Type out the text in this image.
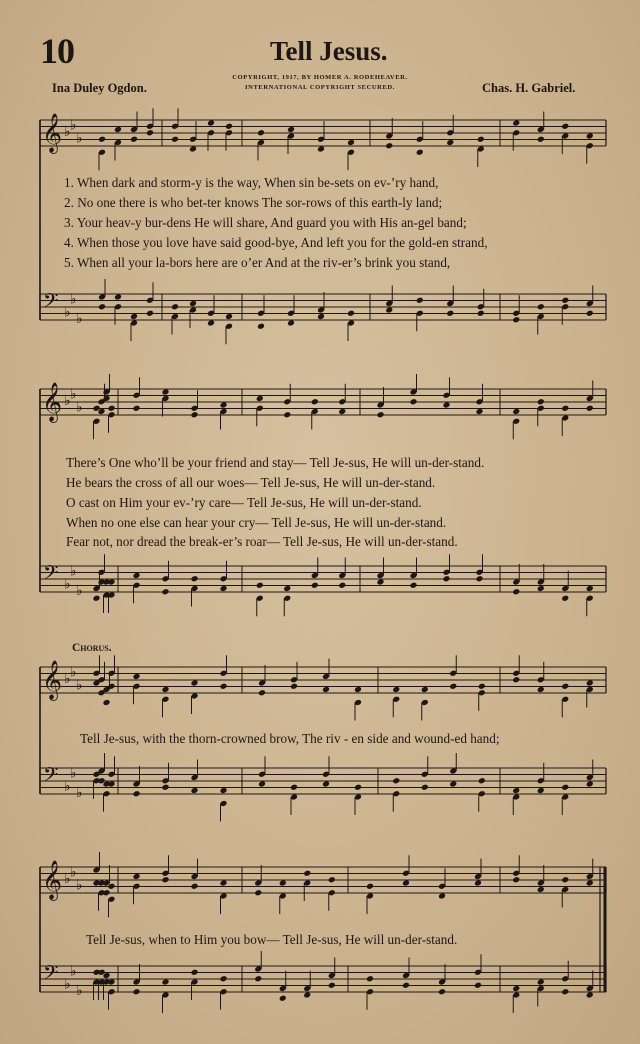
𝄞
𝄢
♭ ♭
♭
♭
♭
♭
𝄞
𝄢
♭ ♭
♭
♭
♭
♭
𝄞
𝄢
♭ ♭
♭
♭
♭
♭
𝄞
𝄢
♭ ♭
♭
♭
♭
♭
10	Tell Jesus.
Ina Duley Ogdon.
COPYRIGHT, 1917, BY HOMER A. RODEHEAVER.
INTERNATIONAL COPYRIGHT SECURED.	Chas. H. Gabriel.
1. When dark and storm-y is the way, When sin be-sets on ev-’ry hand,
2. No one there is who bet-ter knows The sor-rows of this earth-ly land;
3. Your heav-y bur-dens He will share, And guard you with His an-gel band;
4. When those you love have said good-bye, And left you for the gold-en strand,
5. When all your la-bors here are o’er And at the riv-er’s brink you stand,
There’s One who’ll be your friend and stay— Tell Je-sus, He will un-der-stand.
He bears the cross of all our woes— Tell Je-sus, He will un-der-stand.
O cast on Him your ev-’ry care— Tell Je-sus, He will un-der-stand.
When no one else can hear your cry— Tell Je-sus, He will un-der-stand.
Fear not, nor dread the break-er’s roar— Tell Je-sus, He will un-der-stand.
Chorus.
Tell Je-sus, with the thorn-crowned brow, The riv - en side and wound-ed hand;
Tell Je-sus, when to Him you bow— Tell Je-sus, He will un-der-stand.
